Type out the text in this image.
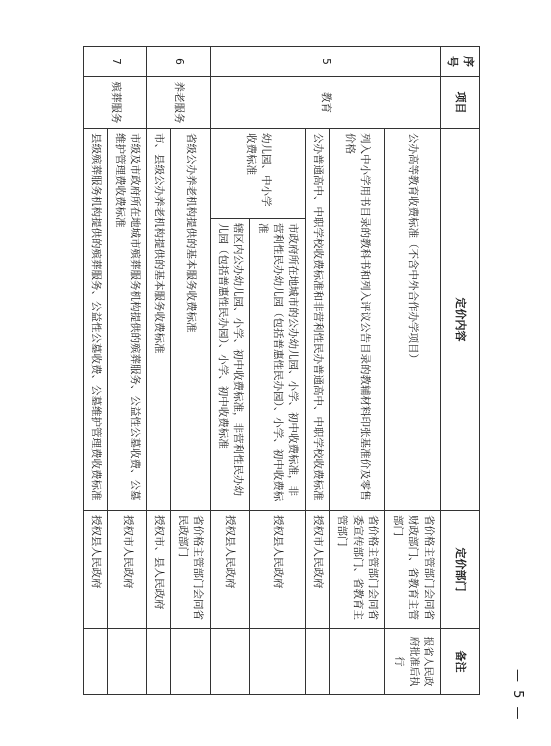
序号	项目	定价内容		定价部门	备注
5	教育	公办高等教育收费标准（不含中外合作办学项目）		省价格主管部门会同省财政部门、省教育主管部门	报省人民政府批准后执行
		列入中小学用书目录的教科书和列入评议公告目录的教辅材料印张基准价及零售价格		省价格主管部门会同省委宣传部门、省教育主管部门	
		公办普通高中、中职学校收费标准和非营利性民办普通高中、中职学校收费标准		授权市人民政府	
		幼儿园、中小学收费标准	市政府所在地城市的公办幼儿园、小学、初中收费标准，非营利性民办幼儿园（包括普惠性民办园）、小学、初中收费标准	授权县人民政府	
			辖区内公办幼儿园、小学、初中收费标准，非营利性民办幼儿园（包括普惠性民办园）、小学、初中收费标准	授权县人民政府	
6	养老服务	省级公办养老机构提供的基本服务收费标准		省价格主管部门会同省民政部门	
		市、县级公办养老机构提供的基本服务收费标准		授权市、县人民政府	
7	殡葬服务	市级及市政府所在地城市殡葬服务机构提供的殡葬服务、公益性公墓收费、公墓维护管理费收费标准		授权市人民政府	
		县级殡葬服务机构提供的殡葬服务、公益性公墓收费、公墓维护管理费收费标准		授权县人民政府	
— 5 —
